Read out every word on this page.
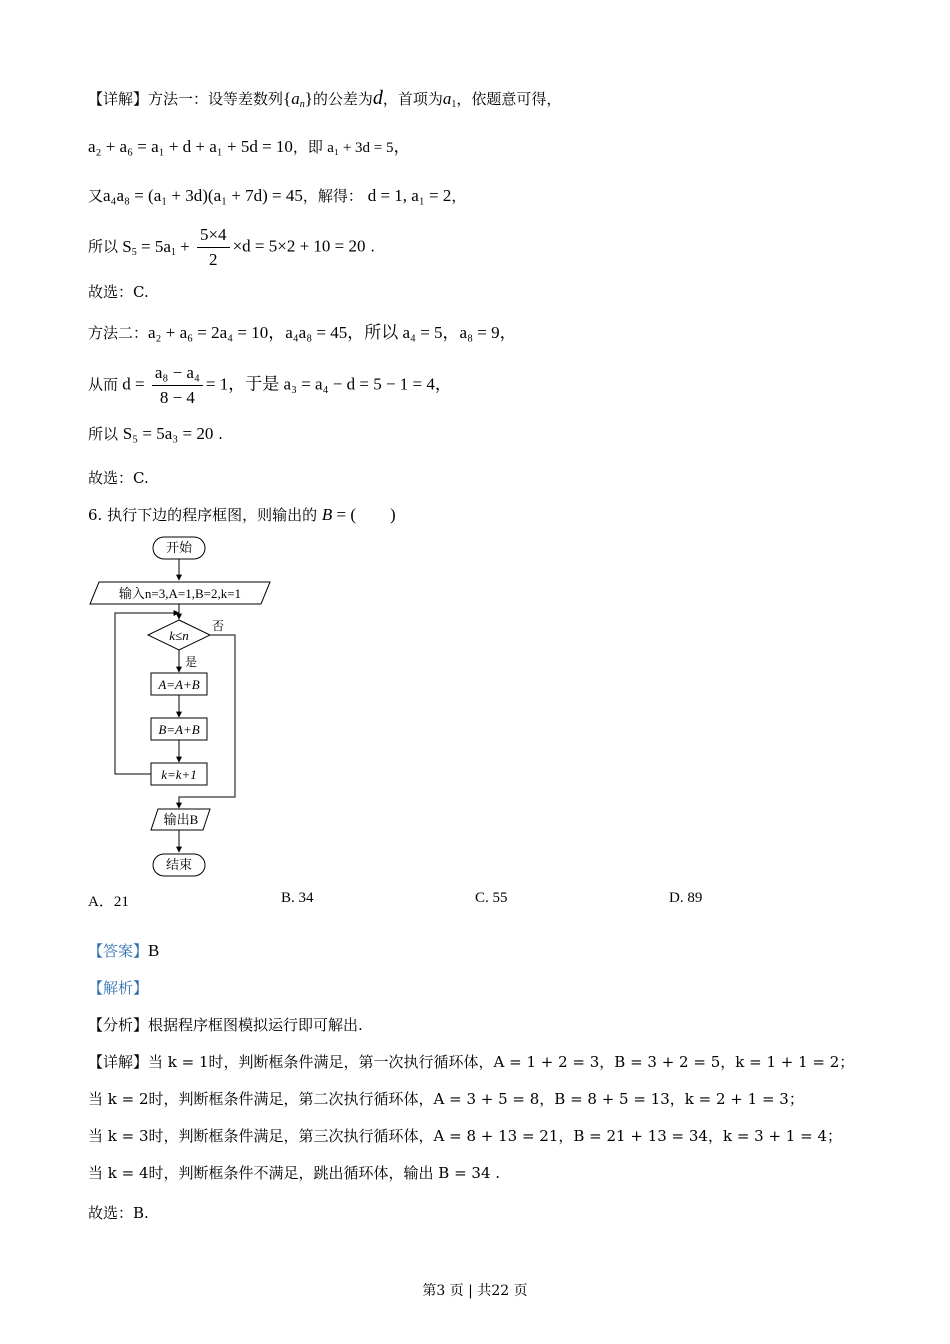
【详解】方法一：设等差数列$\{a_n\}$的公差为d，首项为$a_1$，依题意可得，
a₂ + a₆ = a₁ + d + a₁ + 5d = 10，即 a₁ + 3d = 5，
又a₄a₈ = (a₁ + 3d)(a₁ + 7d) = 45，解得： d = 1, a₁ = 2，
所以 $S_5 = 5a_1 + \frac{5\times 4}{2} \times d = 5\times 2 + 10 = 20$ .
故选：C.
方法二：a₂ + a₆ = 2a₄ = 10，a₄a₈ = 45，所以 a₄ = 5，a₈ = 9，
从而 $d = \frac{\text{a₈ − a₄}}{8 - 4} = 1$，于是 a₃ = a₄ − d = 5 − 1 = 4，
所以 S₅ = 5a₃ = 20 .
故选：C.
6. 执行下边的程序框图，则输出的 B = (　　)
开始
输入n=3,A=1,B=2,k=1
k≤n
否
是
A=A+B
B=A+B
k=k+1
输出B
结束
A．21	B. 34	C. 55	D. 89
【答案】B
【解析】
【分析】根据程序框图模拟运行即可解出.
【详解】当 k = 1时，判断框条件满足，第一次执行循环体，A = 1 + 2 = 3，B = 3 + 2 = 5，k = 1 + 1 = 2；
当 k = 2时，判断框条件满足，第二次执行循环体，A = 3 + 5 = 8，B = 8 + 5 = 13，k = 2 + 1 = 3；
当 k = 3时，判断框条件满足，第三次执行循环体，A = 8 + 13 = 21，B = 21 + 13 = 34，k = 3 + 1 = 4；
当 k = 4时，判断框条件不满足，跳出循环体，输出 B = 34 .
故选：B.
第3 页 | 共22 页
